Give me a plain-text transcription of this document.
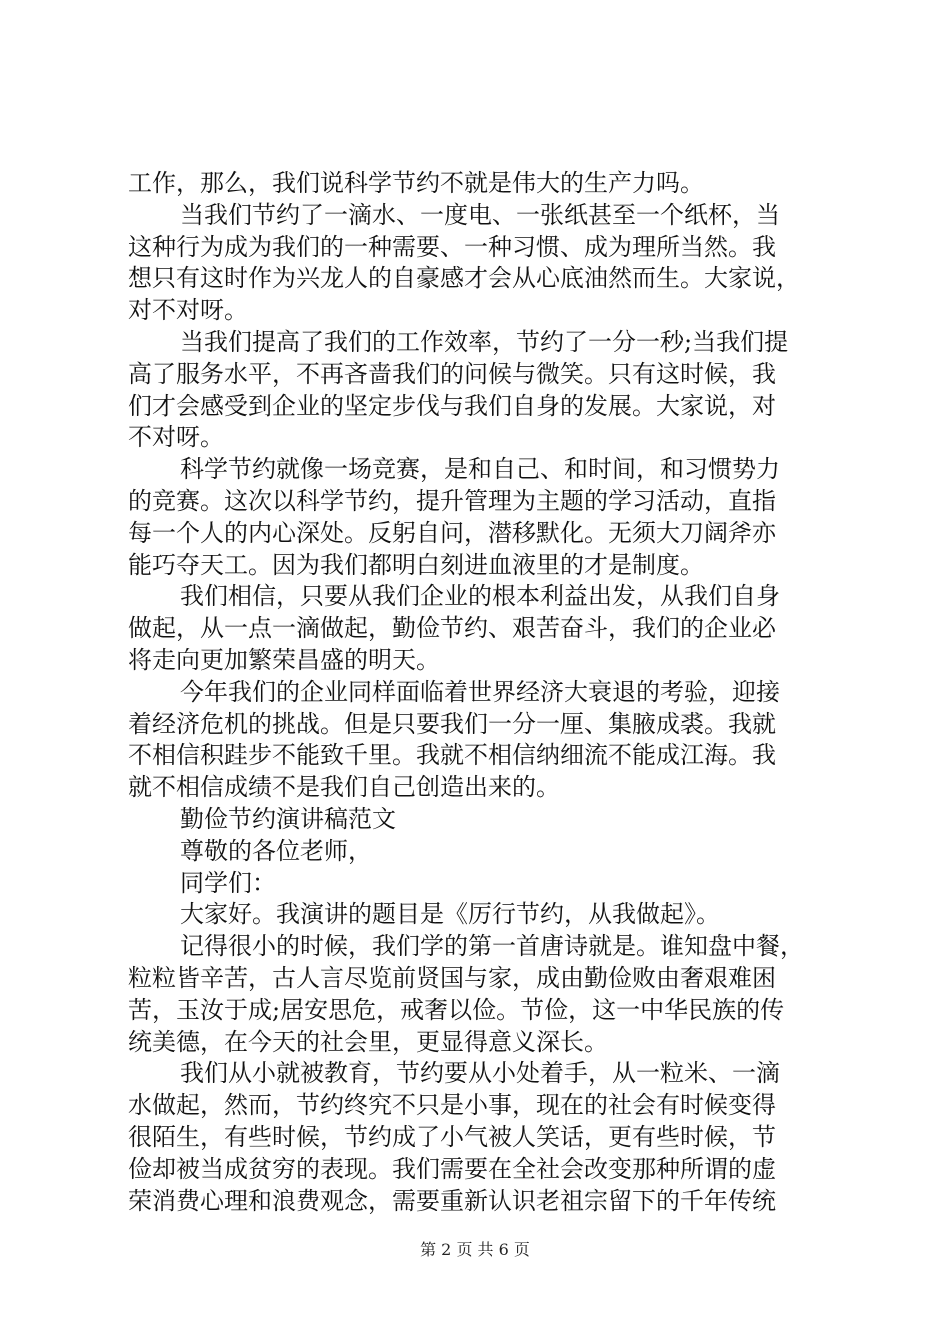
工作，那么，我们说科学节约不就是伟大的生产力吗。
当我们节约了一滴水、一度电、一张纸甚至一个纸杯，当
这种行为成为我们的一种需要、一种习惯、成为理所当然。我
想只有这时作为兴龙人的自豪感才会从心底油然而生。大家说，
对不对呀。
当我们提高了我们的工作效率，节约了一分一秒;当我们提
高了服务水平，不再吝啬我们的问候与微笑。只有这时候，我
们才会感受到企业的坚定步伐与我们自身的发展。大家说，对
不对呀。
科学节约就像一场竞赛，是和自己、和时间，和习惯势力
的竞赛。这次以科学节约，提升管理为主题的学习活动，直指
每一个人的内心深处。反躬自问，潜移默化。无须大刀阔斧亦
能巧夺天工。因为我们都明白刻进血液里的才是制度。
我们相信，只要从我们企业的根本利益出发，从我们自身
做起，从一点一滴做起，勤俭节约、艰苦奋斗，我们的企业必
将走向更加繁荣昌盛的明天。
今年我们的企业同样面临着世界经济大衰退的考验，迎接
着经济危机的挑战。但是只要我们一分一厘、集腋成裘。我就
不相信积跬步不能致千里。我就不相信纳细流不能成江海。我
就不相信成绩不是我们自己创造出来的。
勤俭节约演讲稿范文
尊敬的各位老师，
同学们：
大家好。我演讲的题目是《厉行节约，从我做起》。
记得很小的时候，我们学的第一首唐诗就是。谁知盘中餐，
粒粒皆辛苦，古人言尽览前贤国与家，成由勤俭败由奢艰难困
苦，玉汝于成;居安思危，戒奢以俭。节俭，这一中华民族的传
统美德，在今天的社会里，更显得意义深长。
我们从小就被教育，节约要从小处着手，从一粒米、一滴
水做起，然而，节约终究不只是小事，现在的社会有时候变得
很陌生，有些时候，节约成了小气被人笑话，更有些时候，节
俭却被当成贫穷的表现。我们需要在全社会改变那种所谓的虚
荣消费心理和浪费观念，需要重新认识老祖宗留下的千年传统
第 2 页 共 6 页
